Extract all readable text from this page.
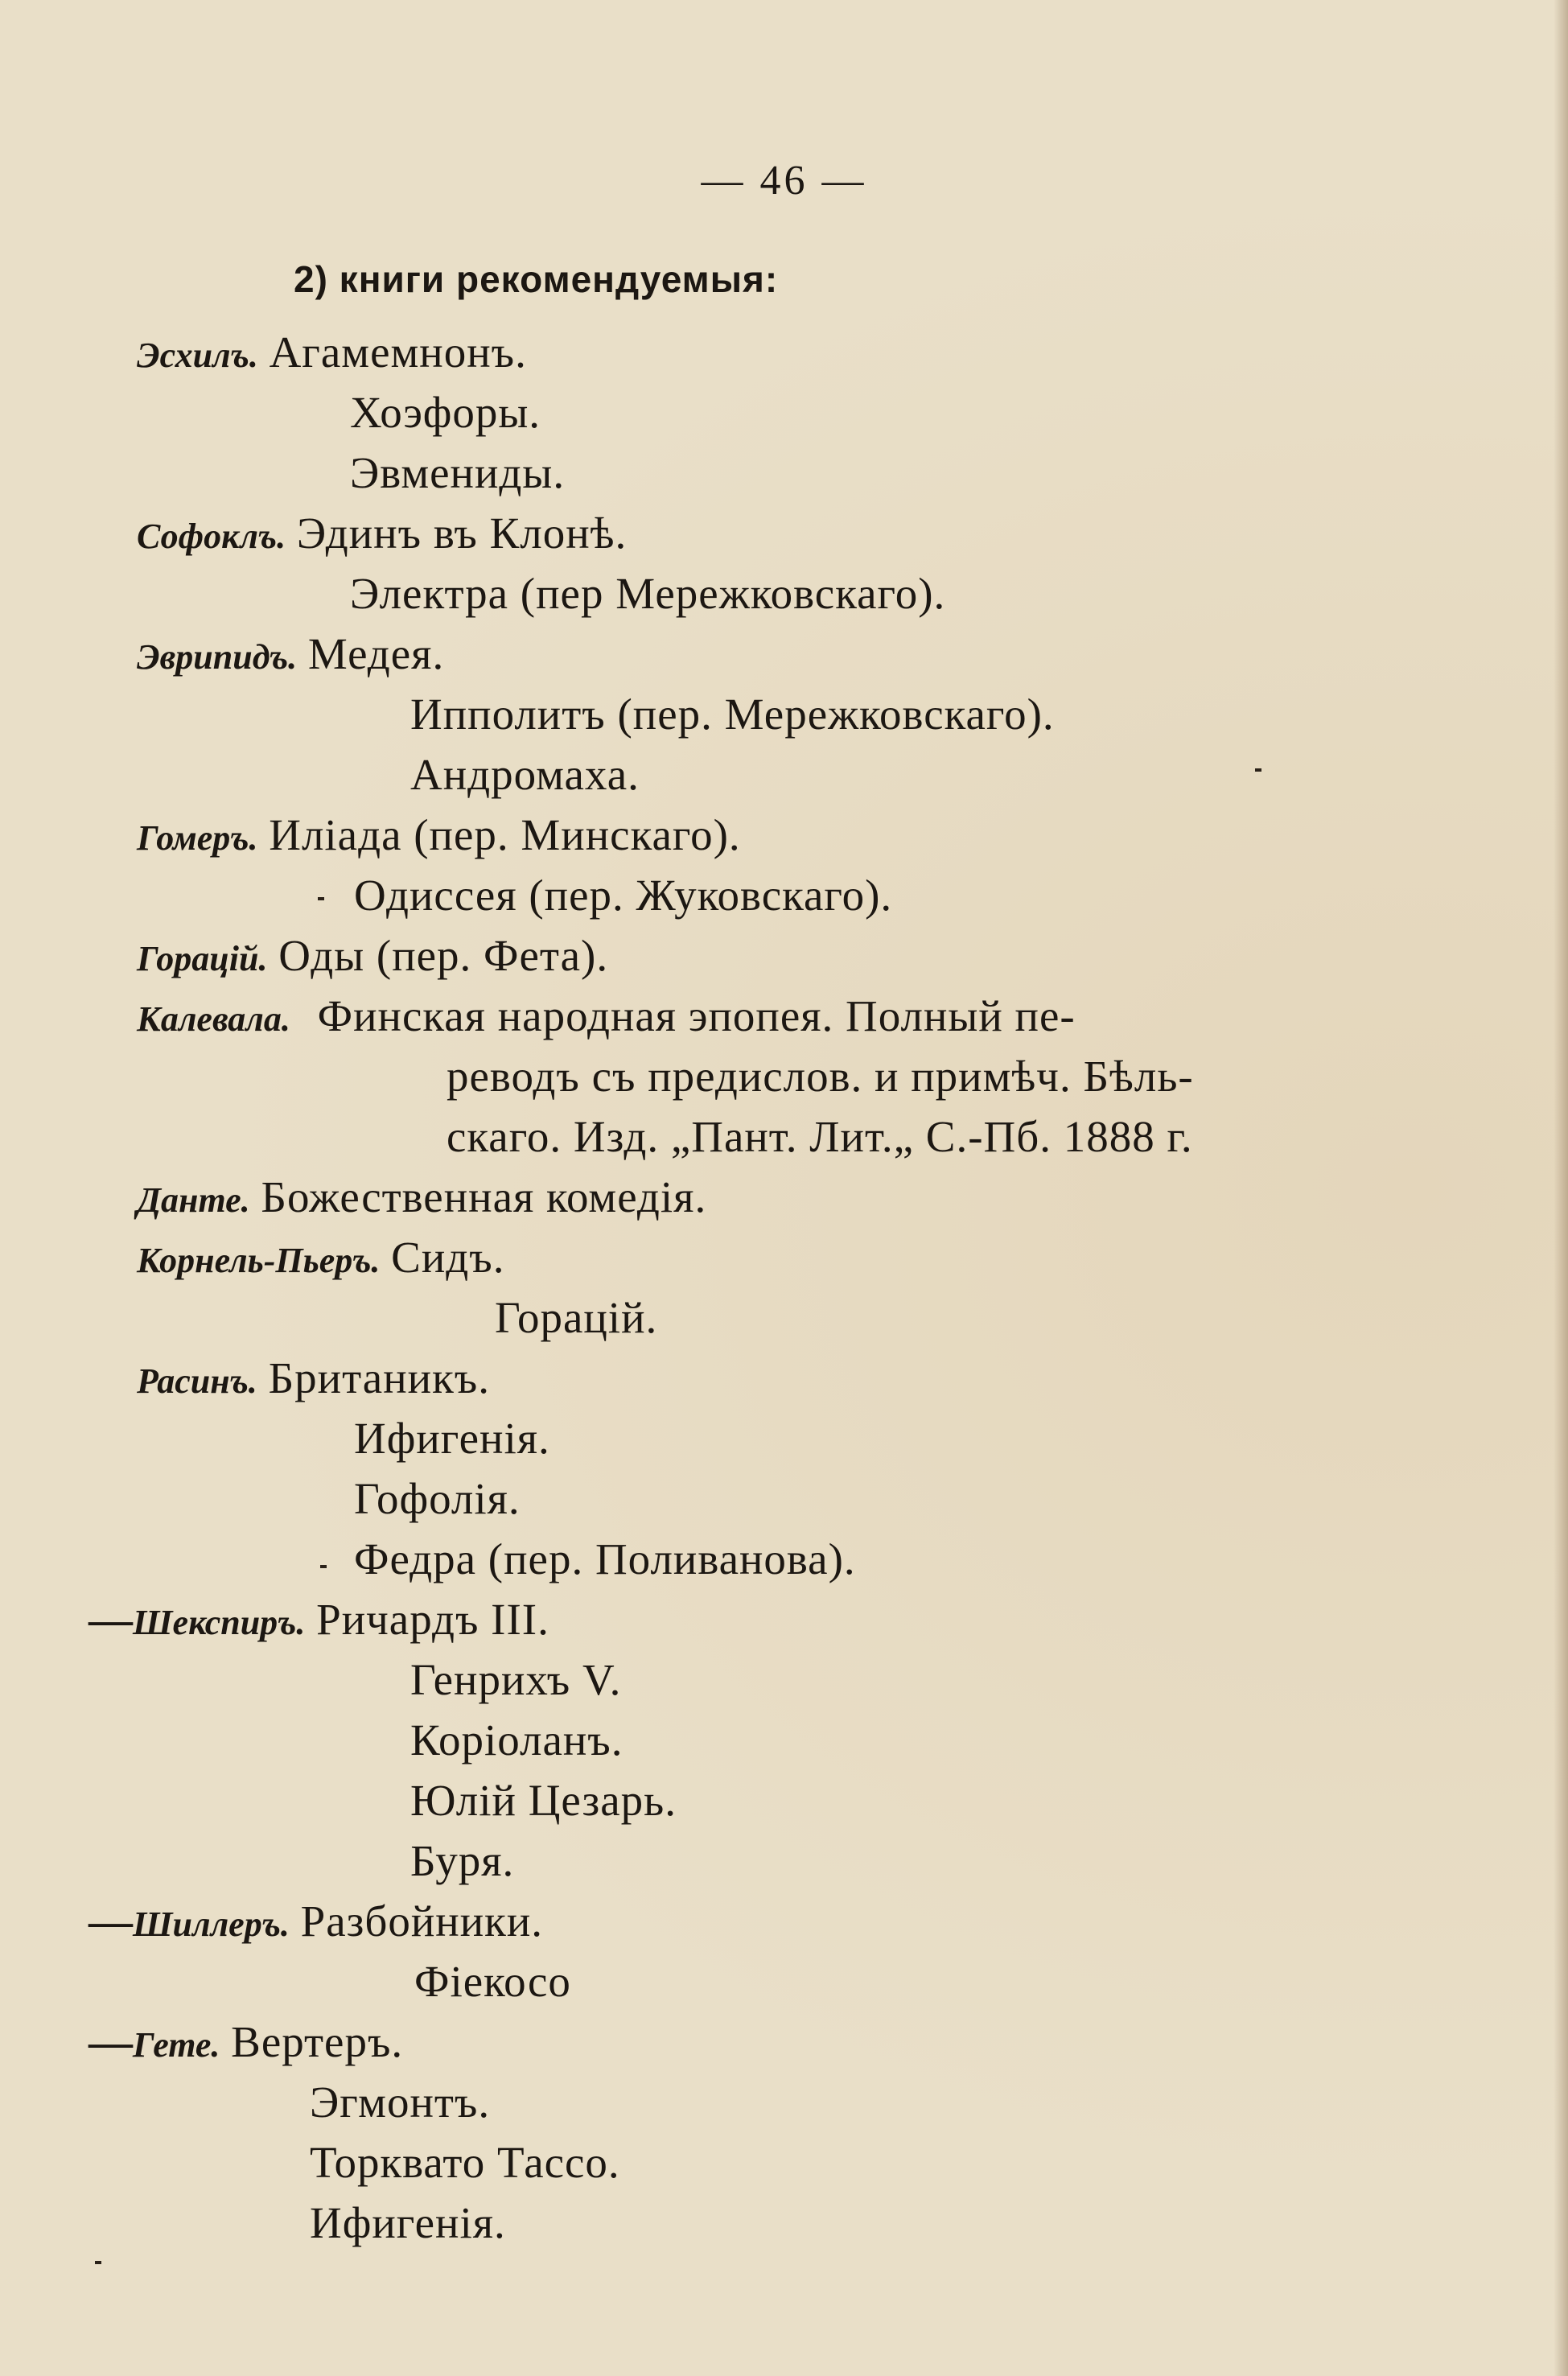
— 46 —
2) книги рекомендуемыя:
Эсхилъ. Агамемнонъ.
Хоэфоры.
Эвмениды.
Софоклъ. Эдинъ въ Клонѣ.
Электра (пер Мережковскаго).
Эврипидъ. Медея.
Ипполитъ (пер. Мережковскаго).
Андромаха.
Гомеръ. Иліада (пер. Минскаго).
Одиссея (пер. Жуковскаго).
Горацій. Оды (пер. Фета).
Калевала. Финская народная эпопея. Полный пе-
реводъ съ предислов. и примѣч. Бѣль-
скаго. Изд. „Пант. Лит.„ С.-Пб. 1888 г.
Данте. Божественная комедія.
Корнель-Пьеръ. Сидъ.
Горацій.
Расинъ. Британикъ.
Ифигенія.
Гофолія.
Федра (пер. Поливанова).
—Шекспиръ. Ричардъ III.
Генрихъ V.
Коріоланъ.
Юлій Цезарь.
Буря.
—Шиллеръ. Разбойники.
Фіекосо
—Гете. Вертеръ.
Эгмонтъ.
Торквато Тассо.
Ифигенія.
